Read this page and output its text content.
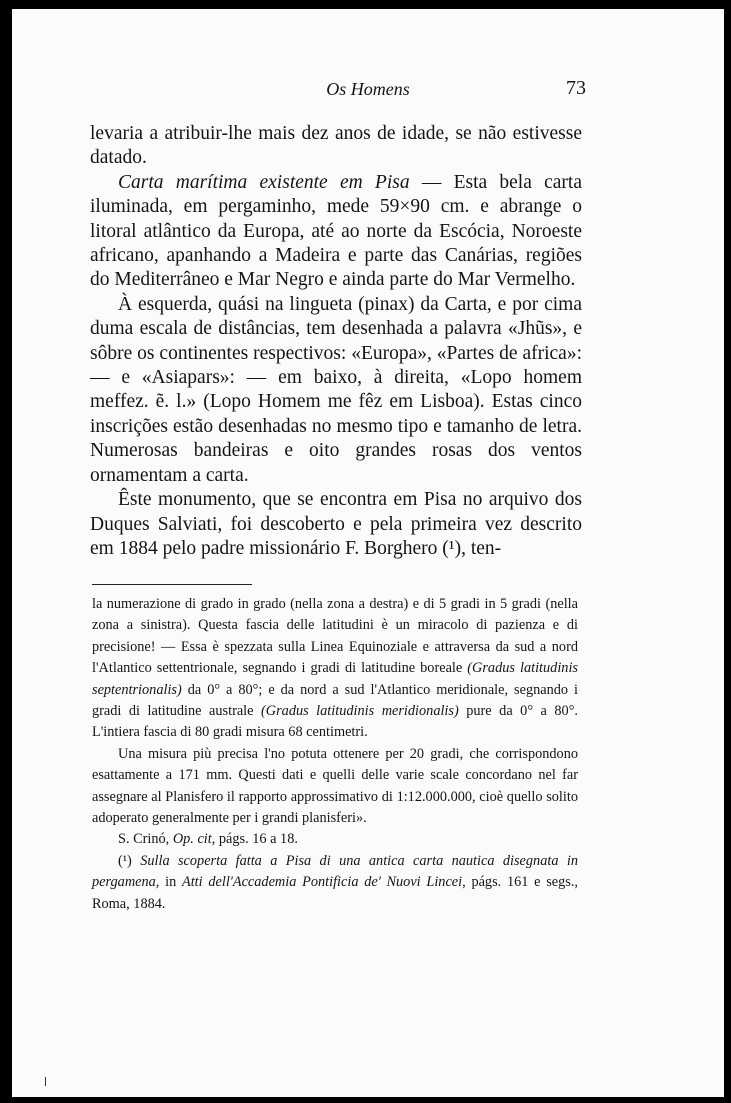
Os Homens	73

levaria a atribuir-lhe mais dez anos de idade, se não estivesse datado.

Carta marítima existente em Pisa — Esta bela carta iluminada, em pergaminho, mede 59×90 cm. e abrange o litoral atlântico da Europa, até ao norte da Escócia, Noroeste africano, apanhando a Madeira e parte das Canárias, regiões do Mediterrâneo e Mar Negro e ainda parte do Mar Vermelho.

À esquerda, quási na lingueta (pinax) da Carta, e por cima duma escala de distâncias, tem desenhada a palavra «Jhũs», e sôbre os continentes respectivos: «Europa», «Partes de africa»: — e «Asiapars»: — em baixo, à direita, «Lopo homem meffez. ẽ. l.» (Lopo Homem me fêz em Lisboa). Estas cinco inscrições estão desenhadas no mesmo tipo e tamanho de letra. Numerosas bandeiras e oito grandes rosas dos ventos ornamentam a carta.

Êste monumento, que se encontra em Pisa no arquivo dos Duques Salviati, foi descoberto e pela primeira vez descrito em 1884 pelo padre missionário F. Borghero (¹), ten-

la numerazione di grado in grado (nella zona a destra) e di 5 gradi in 5 gradi (nella zona a sinistra). Questa fascia delle latitudini è un miracolo di pazienza e di precisione! — Essa è spezzata sulla Linea Equinoziale e attraversa da sud a nord l'Atlantico settentrionale, segnando i gradi di latitudine boreale (Gradus latitudinis septentrionalis) da 0° a 80°; e da nord a sud l'Atlantico meridionale, segnando i gradi di latitudine australe (Gradus latitudinis meridionalis) pure da 0° a 80°. L'intiera fascia di 80 gradi misura 68 centimetri.

Una misura più precisa l'no potuta ottenere per 20 gradi, che corrispondono esattamente a 171 mm. Questi dati e quelli delle varie scale concordano nel far assegnare al Planisfero il rapporto approssimativo di 1:12.000.000, cioè quello solito adoperato generalmente per i grandi planisferi».

S. Crinó, Op. cit, págs. 16 a 18.

(¹) Sulla scoperta fatta a Pisa di una antica carta nautica disegnata in pergamena, in Atti dell'Accademia Pontificia de' Nuovi Lincei, págs. 161 e segs., Roma, 1884.
